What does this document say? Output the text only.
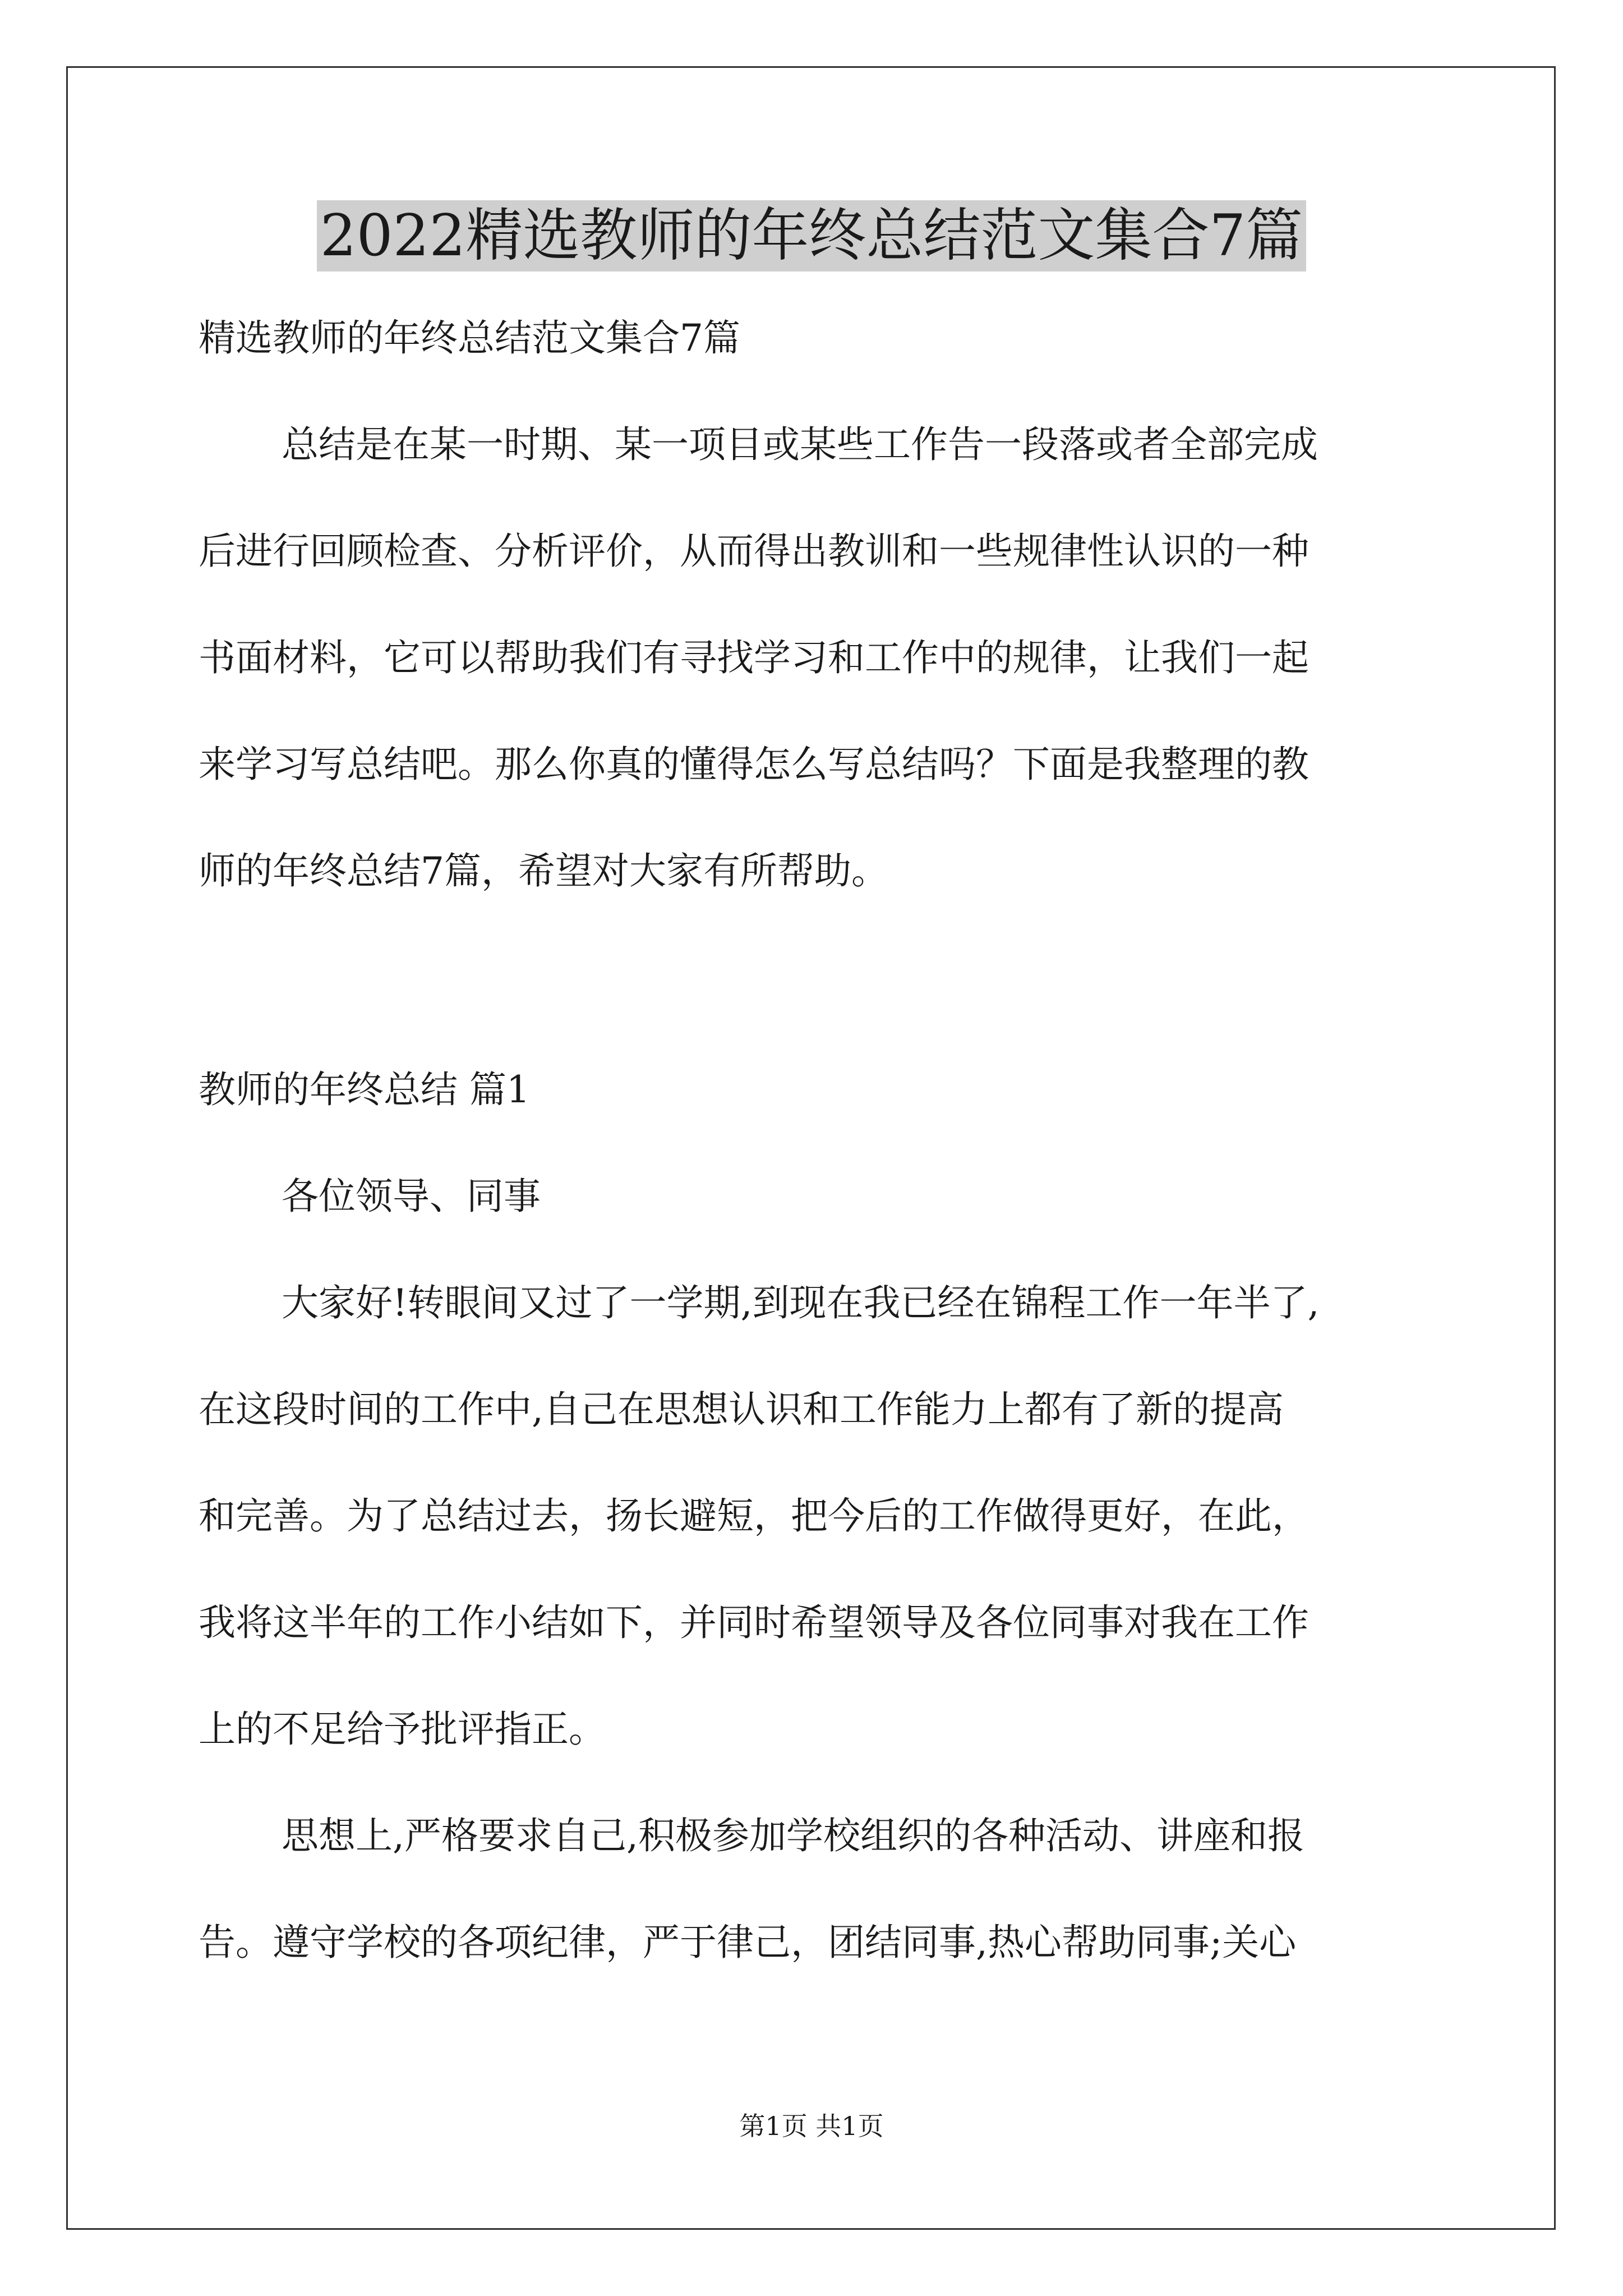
2022精选教师的年终总结范文集合7篇

精选教师的年终总结范文集合7篇

总结是在某一时期、某一项目或某些工作告一段落或者全部完成

后进行回顾检查、分析评价，从而得出教训和一些规律性认识的一种

书面材料，它可以帮助我们有寻找学习和工作中的规律，让我们一起

来学习写总结吧。那么你真的懂得怎么写总结吗？下面是我整理的教

师的年终总结7篇，希望对大家有所帮助。

教师的年终总结 篇1

各位领导、同事

大家好!转眼间又过了一学期,到现在我已经在锦程工作一年半了,

在这段时间的工作中,自己在思想认识和工作能力上都有了新的提高

和完善。为了总结过去，扬长避短，把今后的工作做得更好，在此，

我将这半年的工作小结如下，并同时希望领导及各位同事对我在工作

上的不足给予批评指正。

思想上,严格要求自己,积极参加学校组织的各种活动、讲座和报

告。遵守学校的各项纪律，严于律己，团结同事,热心帮助同事;关心

第1页 共1页
